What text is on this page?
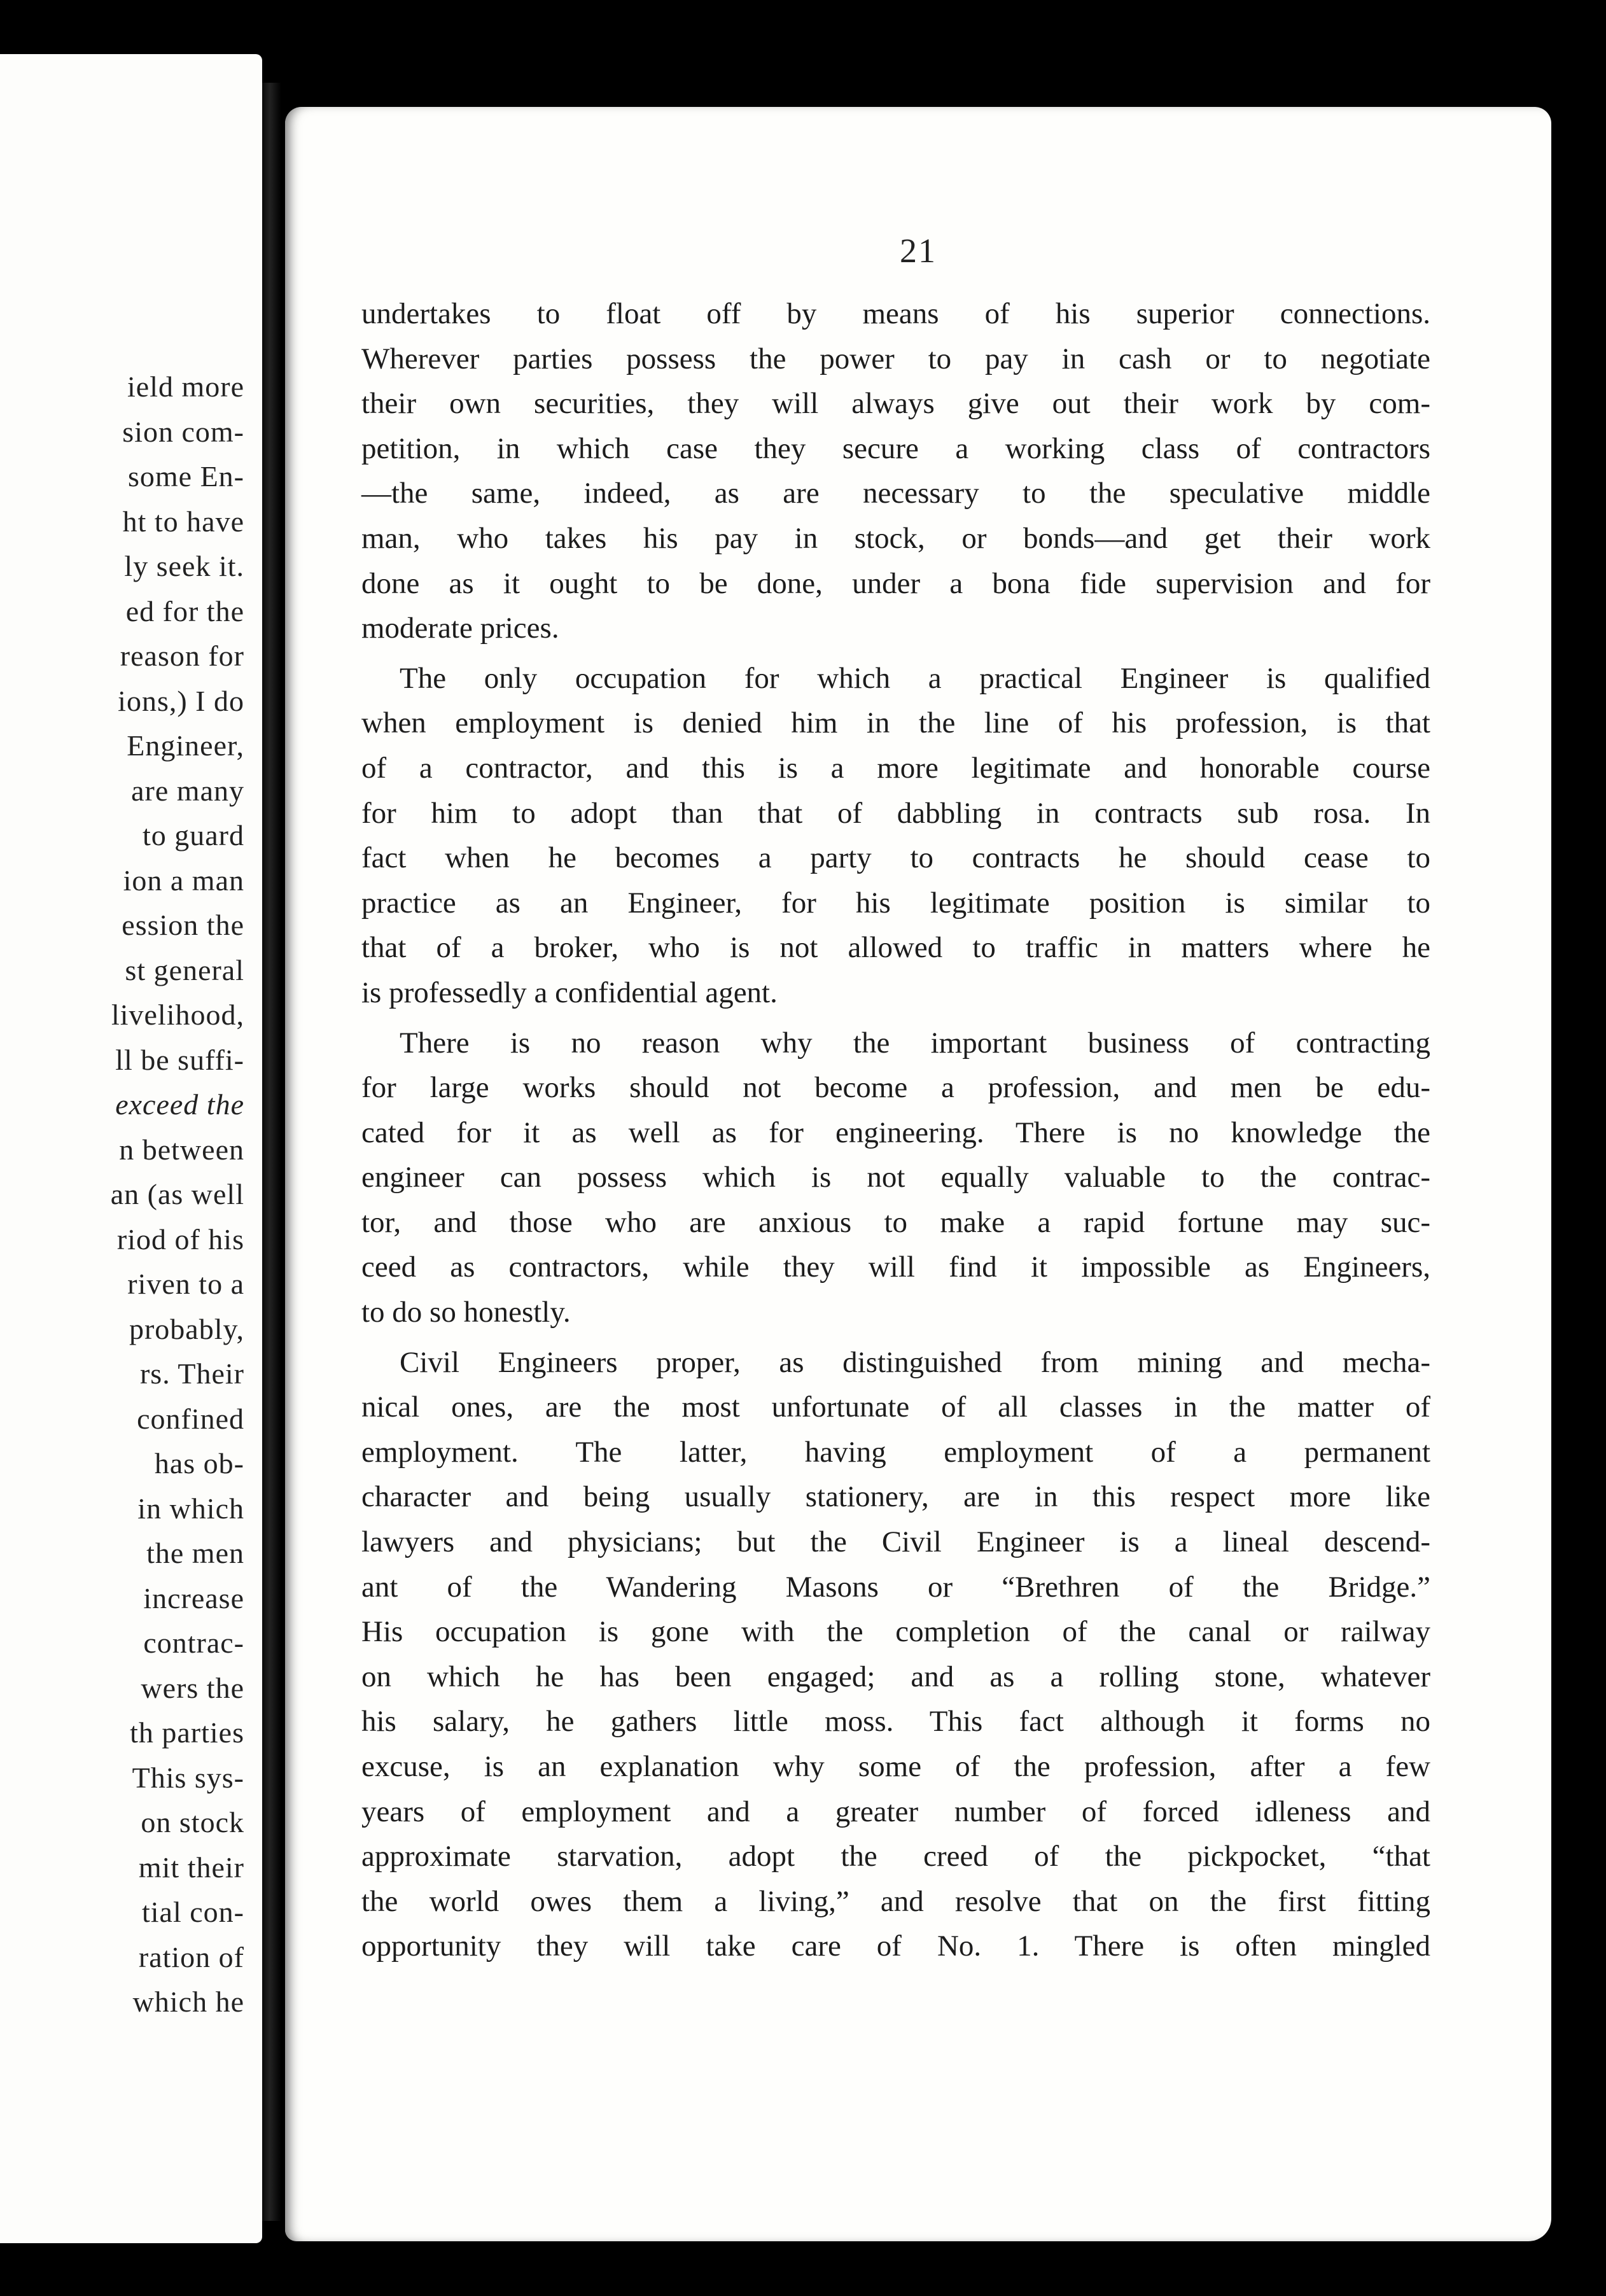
ield more
sion com-
some En-
ht to have
ly seek it.
ed for the
reason for
ions,) I do
Engineer,
are many
to guard
ion a man
ession the
st general
livelihood,
ll be suffi-
exceed the
n between
an (as well
riod of his
riven to a
probably,
rs. Their
confined
has ob-
in which
the men
increase
contrac-
wers the
th parties
This sys-
on stock
mit their
tial con-
ration of
which he
21
undertakes to float off by means of his superior connections.
Wherever parties possess the power to pay in cash or to negotiate
their own securities, they will always give out their work by com-
petition, in which case they secure a working class of contractors
—the same, indeed, as are necessary to the speculative middle
man, who takes his pay in stock, or bonds—and get their work
done as it ought to be done, under a bona fide supervision and for
moderate prices.
The only occupation for which a practical Engineer is qualified
when employment is denied him in the line of his profession, is that
of a contractor, and this is a more legitimate and honorable course
for him to adopt than that of dabbling in contracts sub rosa. In
fact when he becomes a party to contracts he should cease to
practice as an Engineer, for his legitimate position is similar to
that of a broker, who is not allowed to traffic in matters where he
is professedly a confidential agent.
There is no reason why the important business of contracting
for large works should not become a profession, and men be edu-
cated for it as well as for engineering. There is no knowledge the
engineer can possess which is not equally valuable to the contrac-
tor, and those who are anxious to make a rapid fortune may suc-
ceed as contractors, while they will find it impossible as Engineers,
to do so honestly.
Civil Engineers proper, as distinguished from mining and mecha-
nical ones, are the most unfortunate of all classes in the matter of
employment. The latter, having employment of a permanent
character and being usually stationery, are in this respect more like
lawyers and physicians; but the Civil Engineer is a lineal descend-
ant of the Wandering Masons or “Brethren of the Bridge.”
His occupation is gone with the completion of the canal or railway
on which he has been engaged; and as a rolling stone, whatever
his salary, he gathers little moss. This fact although it forms no
excuse, is an explanation why some of the profession, after a few
years of employment and a greater number of forced idleness and
approximate starvation, adopt the creed of the pickpocket, “that
the world owes them a living,” and resolve that on the first fitting
opportunity they will take care of No. 1. There is often mingled
